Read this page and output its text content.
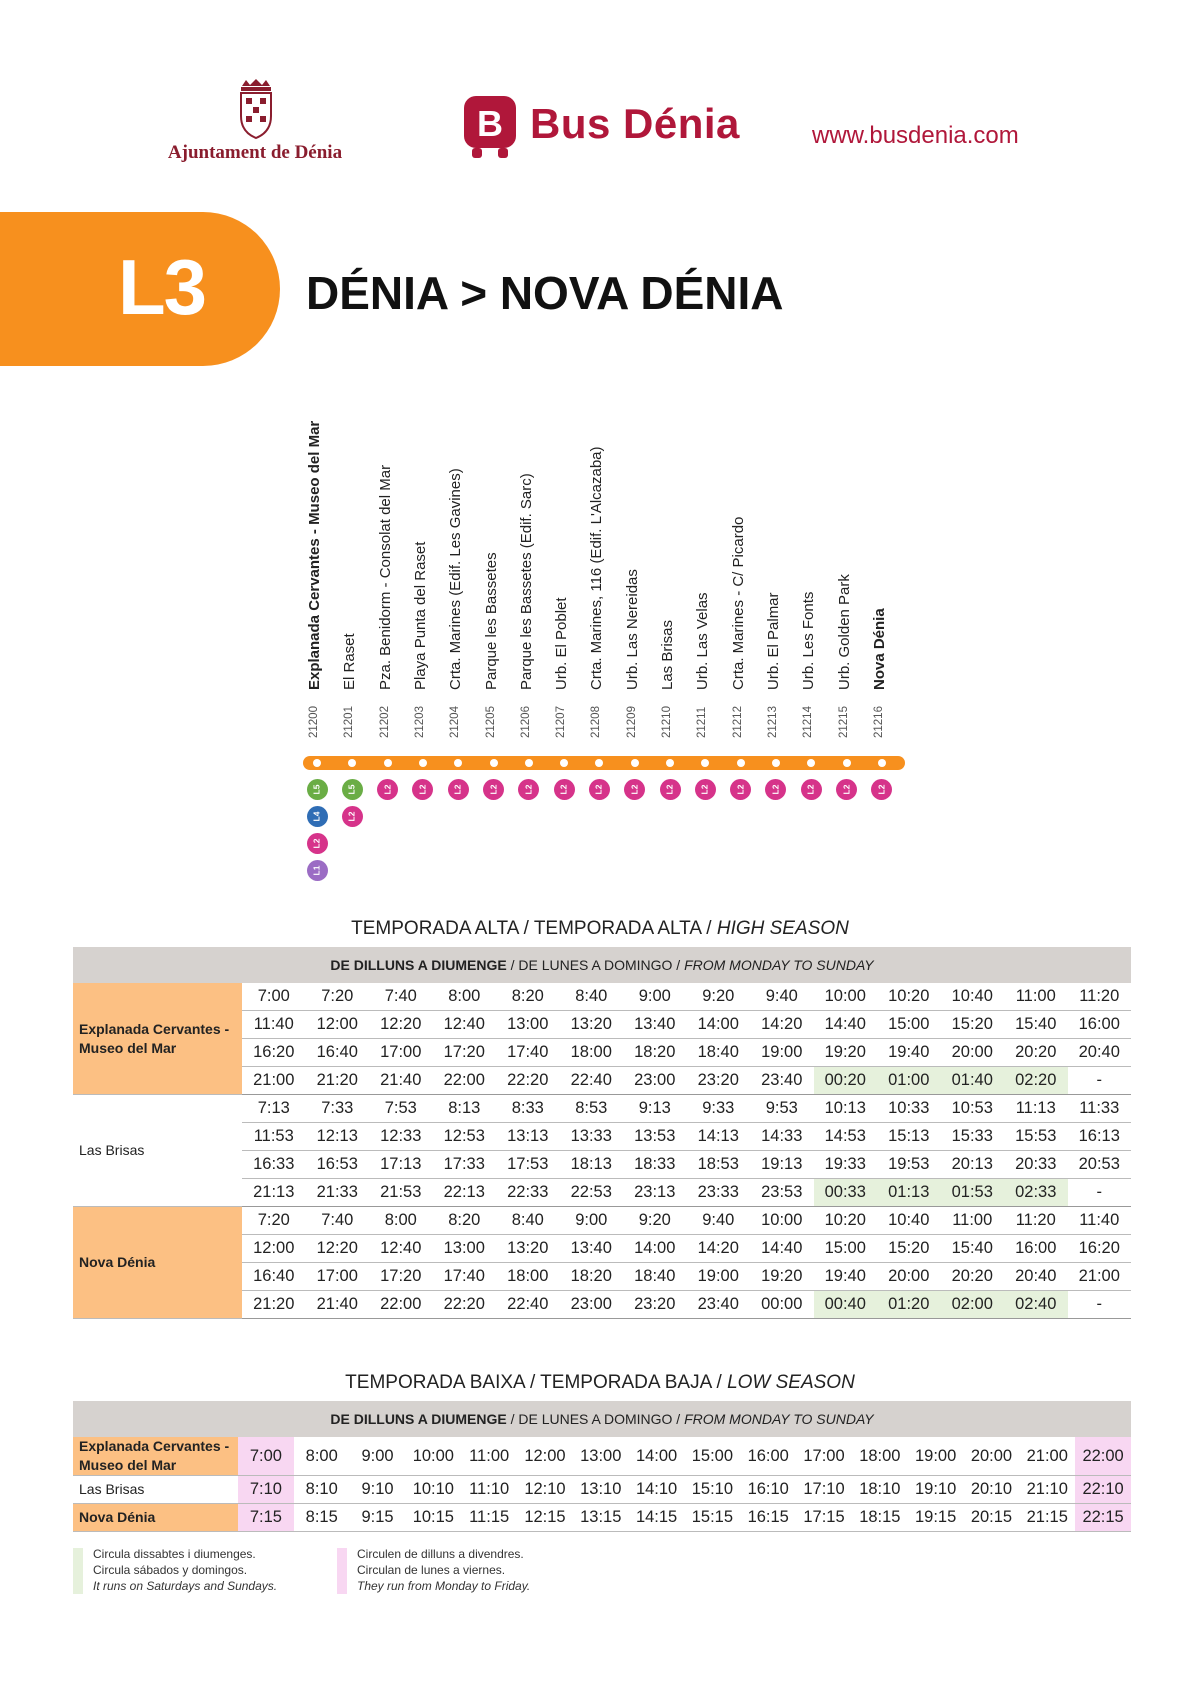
Ajuntament de Dénia
B Bus Dénia	www.busdenia.com
L3 DÉNIA > NOVA DÉNIA
Explanada Cervantes - Museo del Mar
21200
El Raset
21201
Pza. Benidorm - Consolat del Mar
21202
Playa Punta del Raset
21203
Crta. Marines (Edif. Les Gavines)
21204
Parque les Bassetes
21205
Parque les Bassetes (Edif. Sarc)
21206
Urb. El Poblet
21207
Crta. Marines, 116 (Edif. L'Alcazaba)
21208
Urb. Las Nereidas
21209
Las Brisas
21210
Urb. Las Velas
21211
Crta. Marines - C/ Picardo
21212
Urb. El Palmar
21213
Urb. Les Fonts
21214
Urb. Golden Park
21215
Nova Dénia
21216
L5
L4
L2
L1
L5
L2
L2	L2	L2	L2	L2	L2	L2	L2	L2	L2	L2	L2	L2	L2	L2
TEMPORADA ALTA / TEMPORADA ALTA / HIGH SEASON
DE DILLUNS A DIUMENGE / DE LUNES A DOMINGO / FROM MONDAY TO SUNDAY
Explanada Cervantes - Museo del Mar	7:00	7:20	7:40	8:00	8:20	8:40	9:00	9:20	9:40	10:00	10:20	10:40	11:00	11:20
	11:40	12:00	12:20	12:40	13:00	13:20	13:40	14:00	14:20	14:40	15:00	15:20	15:40	16:00
	16:20	16:40	17:00	17:20	17:40	18:00	18:20	18:40	19:00	19:20	19:40	20:00	20:20	20:40
	21:00	21:20	21:40	22:00	22:20	22:40	23:00	23:20	23:40	00:20	01:00	01:40	02:20	-
Las Brisas	7:13	7:33	7:53	8:13	8:33	8:53	9:13	9:33	9:53	10:13	10:33	10:53	11:13	11:33
	11:53	12:13	12:33	12:53	13:13	13:33	13:53	14:13	14:33	14:53	15:13	15:33	15:53	16:13
	16:33	16:53	17:13	17:33	17:53	18:13	18:33	18:53	19:13	19:33	19:53	20:13	20:33	20:53
	21:13	21:33	21:53	22:13	22:33	22:53	23:13	23:33	23:53	00:33	01:13	01:53	02:33	-
Nova Dénia	7:20	7:40	8:00	8:20	8:40	9:00	9:20	9:40	10:00	10:20	10:40	11:00	11:20	11:40
	12:00	12:20	12:40	13:00	13:20	13:40	14:00	14:20	14:40	15:00	15:20	15:40	16:00	16:20
	16:40	17:00	17:20	17:40	18:00	18:20	18:40	19:00	19:20	19:40	20:00	20:20	20:40	21:00
	21:20	21:40	22:00	22:20	22:40	23:00	23:20	23:40	00:00	00:40	01:20	02:00	02:40	-
TEMPORADA BAIXA / TEMPORADA BAJA / LOW SEASON
DE DILLUNS A DIUMENGE / DE LUNES A DOMINGO / FROM MONDAY TO SUNDAY
Explanada Cervantes - Museo del Mar	7:00	8:00	9:00	10:00	11:00	12:00	13:00	14:00	15:00	16:00	17:00	18:00	19:00	20:00	21:00	22:00
Las Brisas	7:10	8:10	9:10	10:10	11:10	12:10	13:10	14:10	15:10	16:10	17:10	18:10	19:10	20:10	21:10	22:10
Nova Dénia	7:15	8:15	9:15	10:15	11:15	12:15	13:15	14:15	15:15	16:15	17:15	18:15	19:15	20:15	21:15	22:15
Circula dissabtes i diumenges.
Circula sábados y domingos.
It runs on Saturdays and Sundays.
Circulen de dilluns a divendres.
Circulan de lunes a viernes.
They run from Monday to Friday.
